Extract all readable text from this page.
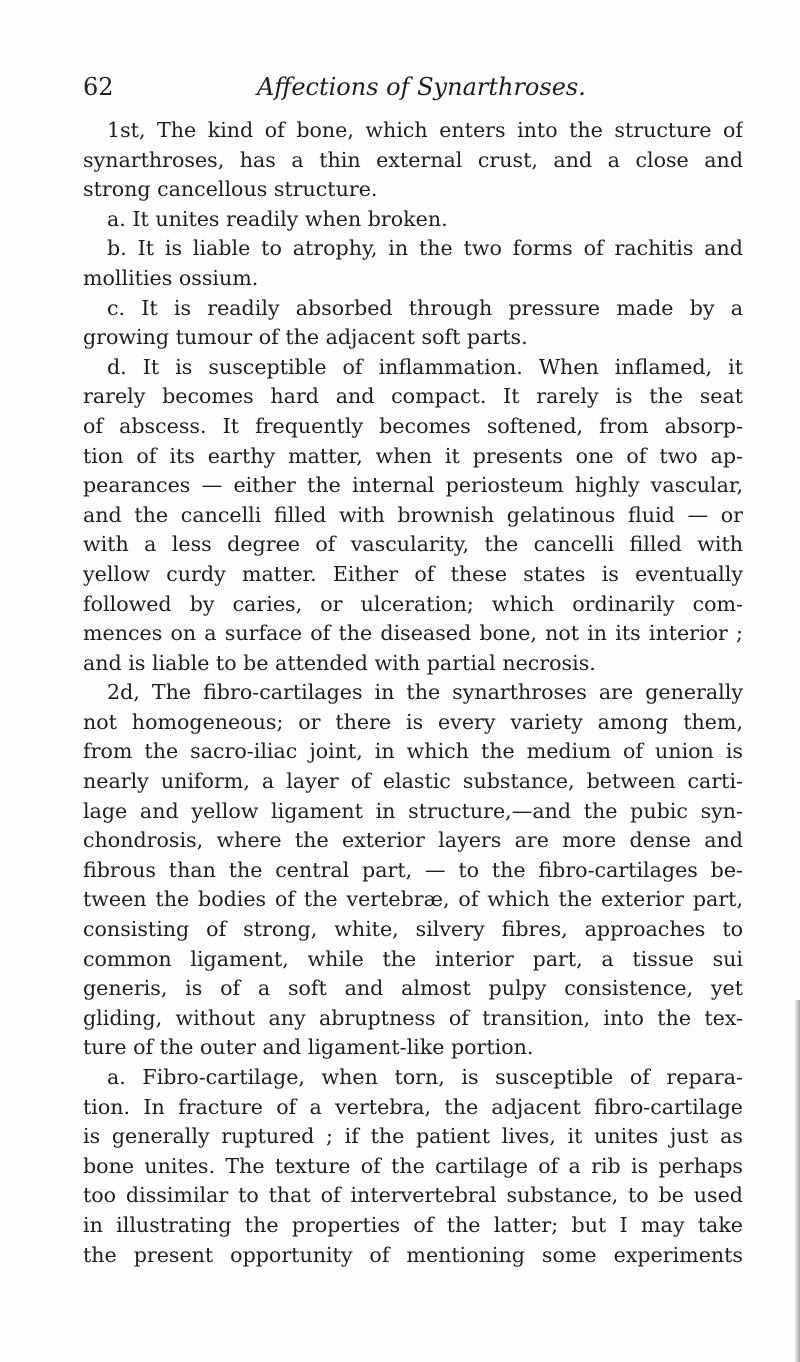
62	Affections of Synarthroses.
1st, The kind of bone, which enters into the structure of
synarthroses, has a thin external crust, and a close and
strong cancellous structure.
a. It unites readily when broken.
b. It is liable to atrophy, in the two forms of rachitis and
mollities ossium.
c. It is readily absorbed through pressure made by a
growing tumour of the adjacent soft parts.
d. It is susceptible of inflammation. When inflamed, it
rarely becomes hard and compact. It rarely is the seat
of abscess. It frequently becomes softened, from absorp-
tion of its earthy matter, when it presents one of two ap-
pearances — either the internal periosteum highly vascular,
and the cancelli filled with brownish gelatinous fluid — or
with a less degree of vascularity, the cancelli filled with
yellow curdy matter. Either of these states is eventually
followed by caries, or ulceration; which ordinarily com-
mences on a surface of the diseased bone, not in its interior ;
and is liable to be attended with partial necrosis.
2d, The fibro-cartilages in the synarthroses are generally
not homogeneous; or there is every variety among them,
from the sacro-iliac joint, in which the medium of union is
nearly uniform, a layer of elastic substance, between carti-
lage and yellow ligament in structure,—and the pubic syn-
chondrosis, where the exterior layers are more dense and
fibrous than the central part, — to the fibro-cartilages be-
tween the bodies of the vertebræ, of which the exterior part,
consisting of strong, white, silvery fibres, approaches to
common ligament, while the interior part, a tissue sui
generis, is of a soft and almost pulpy consistence, yet
gliding, without any abruptness of transition, into the tex-
ture of the outer and ligament-like portion.
a. Fibro-cartilage, when torn, is susceptible of repara-
tion. In fracture of a vertebra, the adjacent fibro-cartilage
is generally ruptured ; if the patient lives, it unites just as
bone unites. The texture of the cartilage of a rib is perhaps
too dissimilar to that of intervertebral substance, to be used
in illustrating the properties of the latter; but I may take
the present opportunity of mentioning some experiments
